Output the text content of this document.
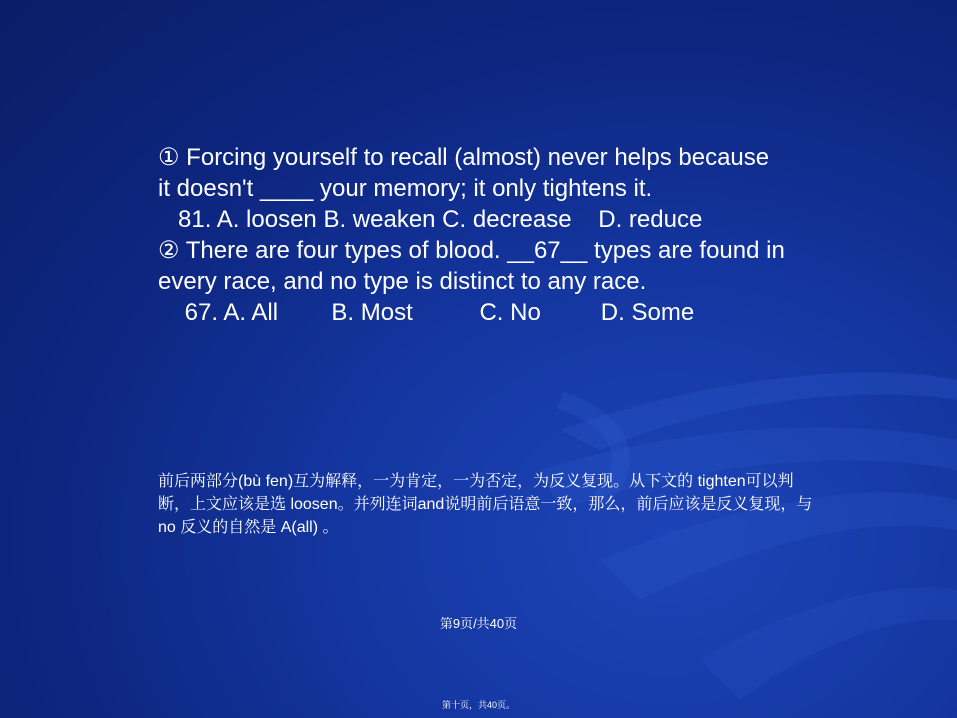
① Forcing yourself to recall (almost) never helps because
it doesn't ____ your memory; it only tightens it.
81. A. loosen B. weaken C. decrease    D. reduce
② There are four types of blood. __67__ types are found in
every race, and no type is distinct to any race.
67. A. All        B. Most          C. No         D. Some
前后两部分(bù fen)互为解释，一为肯定，一为否定，为反义复现。从下文的 tighten可以判断，上文应该是选 loosen。并列连词and说明前后语意一致，那么，前后应该是反义复现，与no 反义的自然是 A(all) 。
第9页/共40页
第十页，共40页。
